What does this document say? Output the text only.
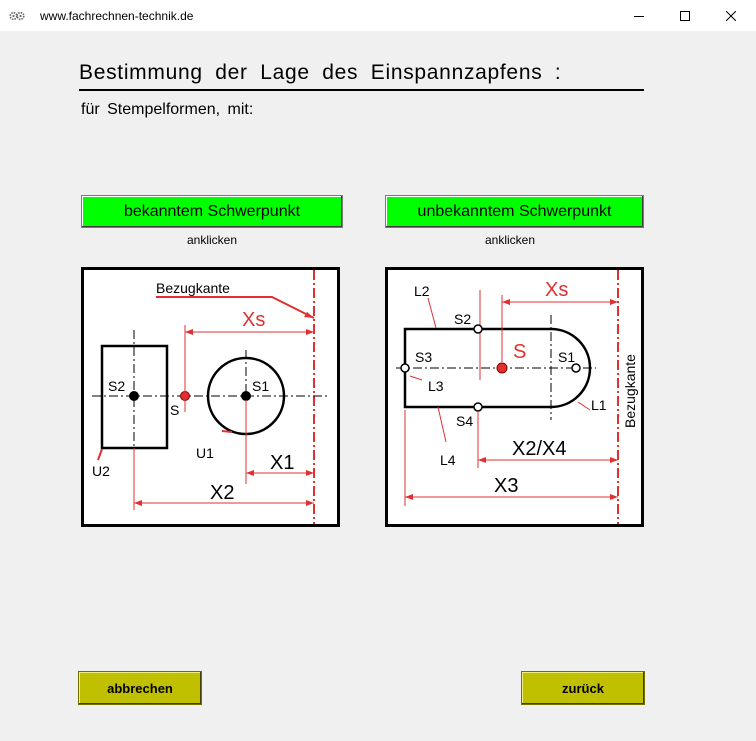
www.fachrechnen-technik.de
Bestimmung der Lage des Einspannzapfens :
für Stempelformen, mit:
bekanntem Schwerpunkt
anklicken
unbekanntem Schwerpunkt
anklicken
Xs
Bezugkante
X1
X2
S2	S1
S
U1
U2
Bezugkante
Xs
X2/X4
X3
L2
S2
S3
L3
S S1
L1
S4
L4
abbrechen	zurück
